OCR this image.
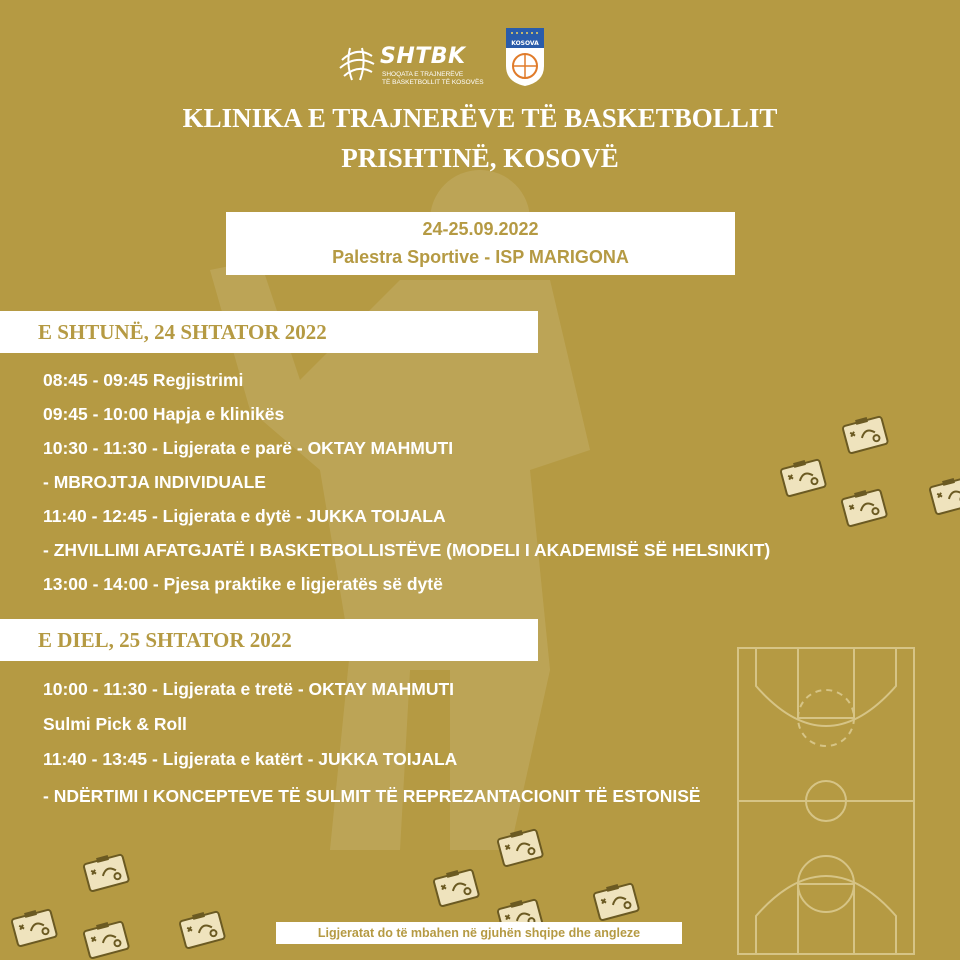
SHTBK
SHOQATA E TRAJNERËVE
TË BASKETBOLLIT TË KOSOVËS
KOSOVA
KLINIKA E TRAJNERËVE TË BASKETBOLLIT
PRISHTINË, KOSOVË
24-25.09.2022
Palestra Sportive - ISP MARIGONA
E SHTUNË, 24 SHTATOR 2022
08:45 - 09:45 Regjistrimi
09:45 - 10:00 Hapja e klinikës
10:30 - 11:30 - Ligjerata e parë - OKTAY MAHMUTI
- MBROJTJA INDIVIDUALE
11:40 - 12:45 - Ligjerata e dytë - JUKKA TOIJALA
- ZHVILLIMI AFATGJATË I BASKETBOLLISTËVE (MODELI I AKADEMISË SË HELSINKIT)
13:00 - 14:00 - Pjesa praktike e ligjeratës së dytë
E DIEL, 25 SHTATOR 2022
10:00 - 11:30 - Ligjerata e tretë - OKTAY MAHMUTI
Sulmi Pick & Roll
11:40 - 13:45 - Ligjerata e katërt - JUKKA TOIJALA
- NDËRTIMI I KONCEPTEVE TË SULMIT TË REPREZANTACIONIT TË ESTONISË
Ligjeratat do të mbahen në gjuhën shqipe dhe angleze
